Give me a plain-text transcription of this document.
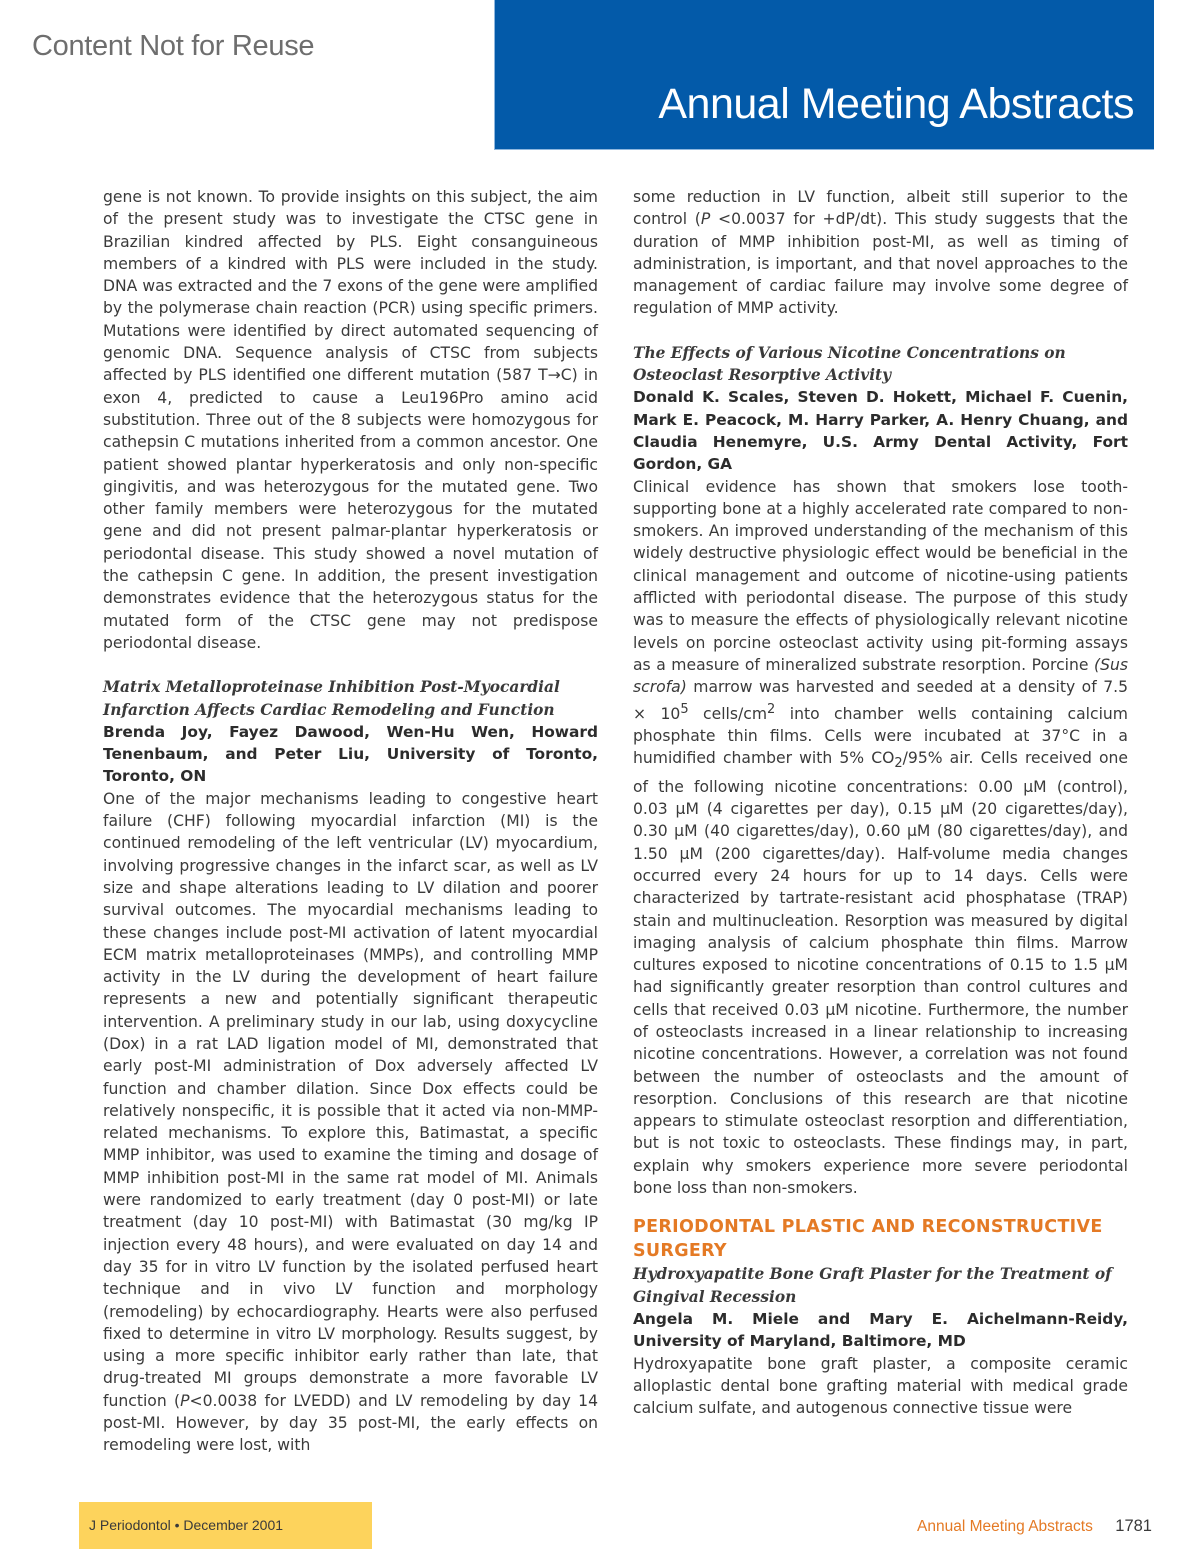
Content Not for Reuse
Annual Meeting Abstracts

gene is not known. To provide insights on this subject, the aim of the present study was to investigate the CTSC gene in Brazilian kindred affected by PLS. Eight consanguineous members of a kindred with PLS were included in the study. DNA was extracted and the 7 exons of the gene were amplified by the polymerase chain reaction (PCR) using specific primers. Mutations were identified by direct automated sequencing of genomic DNA. Sequence analysis of CTSC from subjects affected by PLS identified one different mutation (587 T→C) in exon 4, predicted to cause a Leu196Pro amino acid substitution. Three out of the 8 subjects were homozygous for cathepsin C mutations inherited from a common ancestor. One patient showed plantar hyperkeratosis and only non-specific gingivitis, and was heterozygous for the mutated gene. Two other family members were heterozygous for the mutated gene and did not present palmar-plantar hyperkeratosis or periodontal disease. This study showed a novel mutation of the cathepsin C gene. In addition, the present investigation demonstrates evidence that the heterozygous status for the mutated form of the CTSC gene may not predispose periodontal disease.

Matrix Metalloproteinase Inhibition Post-Myocardial Infarction Affects Cardiac Remodeling and Function
Brenda Joy, Fayez Dawood, Wen-Hu Wen, Howard Tenenbaum, and Peter Liu, University of Toronto, Toronto, ON

One of the major mechanisms leading to congestive heart failure (CHF) following myocardial infarction (MI) is the continued remodeling of the left ventricular (LV) myocardium, involving progressive changes in the infarct scar, as well as LV size and shape alterations leading to LV dilation and poorer survival outcomes. The myocardial mechanisms leading to these changes include post-MI activation of latent myocardial ECM matrix metalloproteinases (MMPs), and controlling MMP activity in the LV during the development of heart failure represents a new and potentially significant therapeutic intervention. A preliminary study in our lab, using doxycycline (Dox) in a rat LAD ligation model of MI, demonstrated that early post-MI administration of Dox adversely affected LV function and chamber dilation. Since Dox effects could be relatively nonspecific, it is possible that it acted via non-MMP-related mechanisms. To explore this, Batimastat, a specific MMP inhibitor, was used to examine the timing and dosage of MMP inhibition post-MI in the same rat model of MI. Animals were randomized to early treatment (day 0 post-MI) or late treatment (day 10 post-MI) with Batimastat (30 mg/kg IP injection every 48 hours), and were evaluated on day 14 and day 35 for in vitro LV function by the isolated perfused heart technique and in vivo LV function and morphology (remodeling) by echocardiography. Hearts were also perfused fixed to determine in vitro LV morphology. Results suggest, by using a more specific inhibitor early rather than late, that drug-treated MI groups demonstrate a more favorable LV function (P<0.0038 for LVEDD) and LV remodeling by day 14 post-MI. However, by day 35 post-MI, the early effects on remodeling were lost, with

some reduction in LV function, albeit still superior to the control (P <0.0037 for +dP/dt). This study suggests that the duration of MMP inhibition post-MI, as well as timing of administration, is important, and that novel approaches to the management of cardiac failure may involve some degree of regulation of MMP activity.

The Effects of Various Nicotine Concentrations on Osteoclast Resorptive Activity
Donald K. Scales, Steven D. Hokett, Michael F. Cuenin, Mark E. Peacock, M. Harry Parker, A. Henry Chuang, and Claudia Henemyre, U.S. Army Dental Activity, Fort Gordon, GA

Clinical evidence has shown that smokers lose tooth-supporting bone at a highly accelerated rate compared to non-smokers. An improved understanding of the mechanism of this widely destructive physiologic effect would be beneficial in the clinical management and outcome of nicotine-using patients afflicted with periodontal disease. The purpose of this study was to measure the effects of physiologically relevant nicotine levels on porcine osteoclast activity using pit-forming assays as a measure of mineralized substrate resorption. Porcine (Sus scrofa) marrow was harvested and seeded at a density of $7.5 \times 10^5$ cells/$cm^2$ into chamber wells containing calcium phosphate thin films. Cells were incubated at 37°C in a humidified chamber with 5% $CO_2/95\%$ air. Cells received one of the following nicotine concentrations: 0.00 µM (control), 0.03 µM (4 cigarettes per day), 0.15 µM (20 cigarettes/day), 0.30 µM (40 cigarettes/day), 0.60 µM (80 cigarettes/day), and 1.50 µM (200 cigarettes/day). Half-volume media changes occurred every 24 hours for up to 14 days. Cells were characterized by tartrate-resistant acid phosphatase (TRAP) stain and multinucleation. Resorption was measured by digital imaging analysis of calcium phosphate thin films. Marrow cultures exposed to nicotine concentrations of 0.15 to 1.5 µM had significantly greater resorption than control cultures and cells that received 0.03 µM nicotine. Furthermore, the number of osteoclasts increased in a linear relationship to increasing nicotine concentrations. However, a correlation was not found between the number of osteoclasts and the amount of resorption. Conclusions of this research are that nicotine appears to stimulate osteoclast resorption and differentiation, but is not toxic to osteoclasts. These findings may, in part, explain why smokers experience more severe periodontal bone loss than non-smokers.

PERIODONTAL PLASTIC AND RECONSTRUCTIVE SURGERY
Hydroxyapatite Bone Graft Plaster for the Treatment of Gingival Recession
Angela M. Miele and Mary E. Aichelmann-Reidy, University of Maryland, Baltimore, MD

Hydroxyapatite bone graft plaster, a composite ceramic alloplastic dental bone grafting material with medical grade calcium sulfate, and autogenous connective tissue were

J Periodontol • December 2001	Annual Meeting Abstracts 1781
